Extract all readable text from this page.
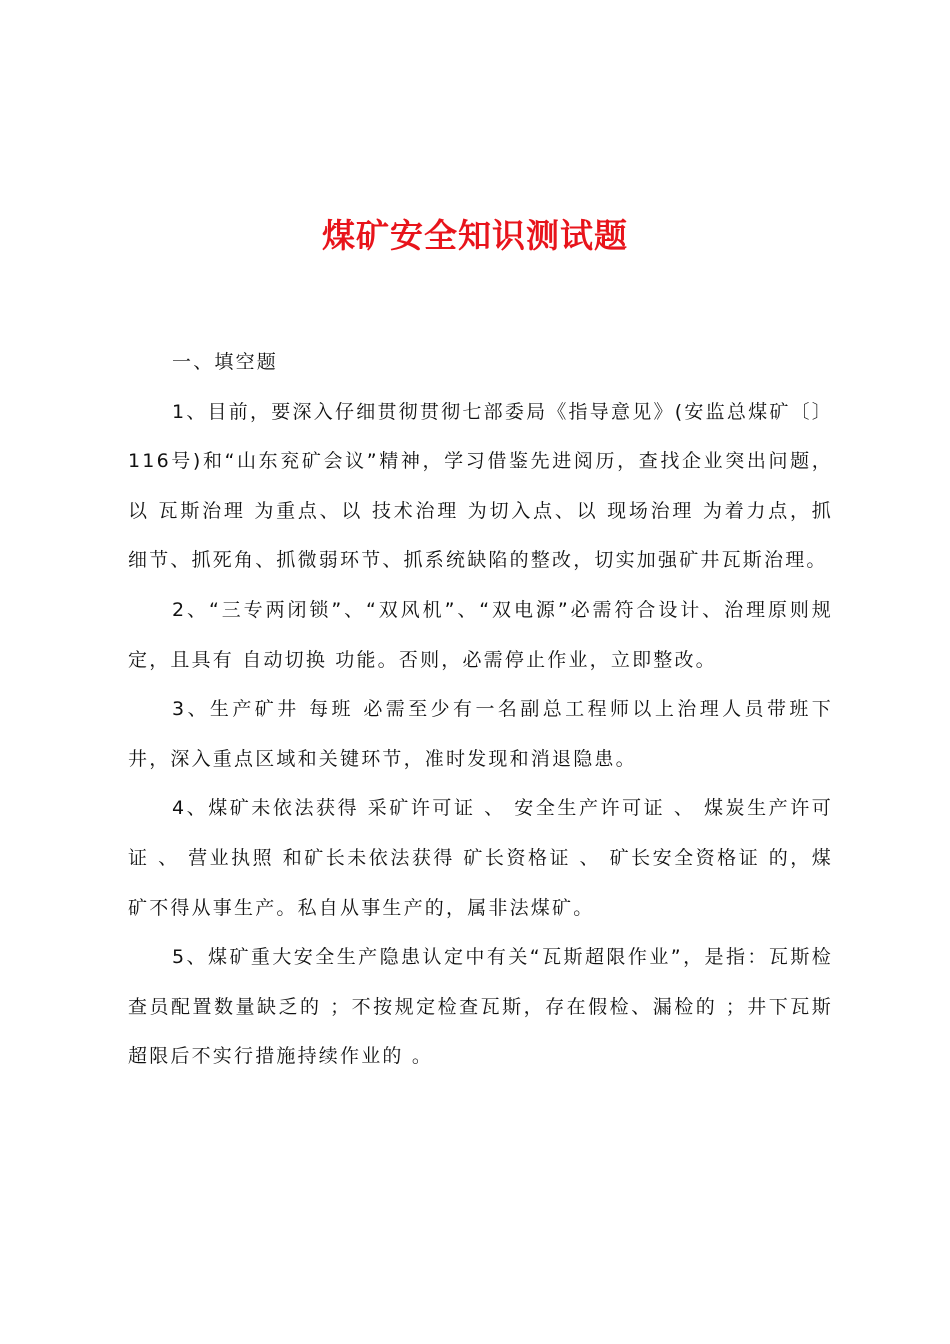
煤矿安全知识测试题

一、填空题

1、目前，要深入仔细贯彻贯彻七部委局《指导意见》(安监总煤矿〔〕116号)和“山东兖矿会议”精神，学习借鉴先进阅历，查找企业突出问题，以 瓦斯治理 为重点、以 技术治理 为切入点、以 现场治理 为着力点，抓细节、抓死角、抓微弱环节、抓系统缺陷的整改，切实加强矿井瓦斯治理。

2、“三专两闭锁”、“双风机”、“双电源”必需符合设计、治理原则规定，且具有 自动切换 功能。否则，必需停止作业，立即整改。

3、生产矿井 每班 必需至少有一名副总工程师以上治理人员带班下井，深入重点区域和关键环节，准时发现和消退隐患。

4、煤矿未依法获得 采矿许可证 、 安全生产许可证 、 煤炭生产许可证 、 营业执照 和矿长未依法获得 矿长资格证 、 矿长安全资格证 的，煤矿不得从事生产。私自从事生产的，属非法煤矿。

5、煤矿重大安全生产隐患认定中有关“瓦斯超限作业”，是指：瓦斯检查员配置数量缺乏的 ；不按规定检查瓦斯，存在假检、漏检的 ；井下瓦斯超限后不实行措施持续作业的 。
